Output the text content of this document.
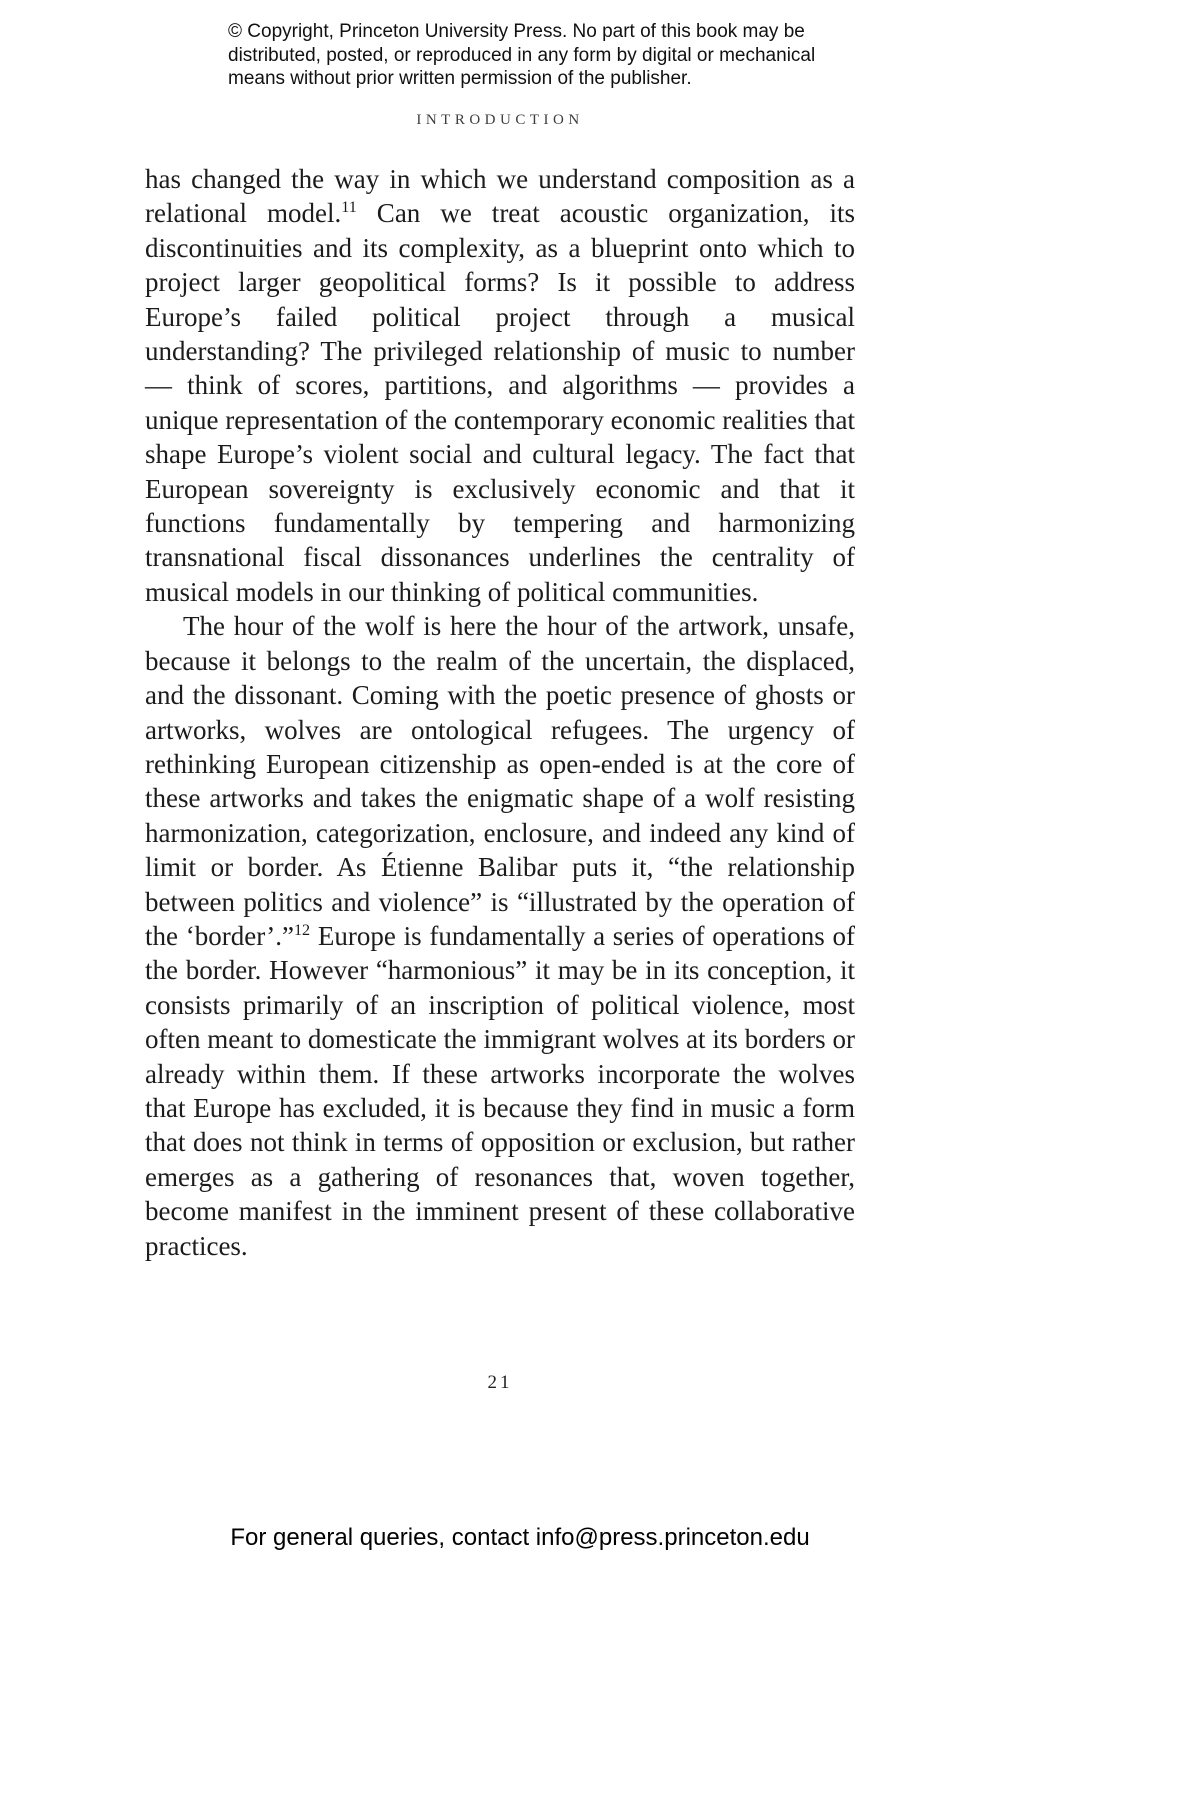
© Copyright, Princeton University Press. No part of this book may be
distributed, posted, or reproduced in any form by digital or mechanical
means without prior written permission of the publisher.
INTRODUCTION

has changed the way in which we understand composition as a relational model.$^{11}$ Can we treat acoustic organization, its discontinuities and its complexity, as a blueprint onto which to project larger geopolitical forms? Is it possible to address Europe’s failed political project through a musical understanding? The privileged relationship of music to number — think of scores, partitions, and algorithms — provides a unique representation of the contemporary economic realities that shape Europe’s violent social and cultural legacy. The fact that European sovereignty is exclusively economic and that it functions fundamentally by tempering and harmonizing transnational fiscal dissonances underlines the centrality of musical models in our thinking of political communities.

The hour of the wolf is here the hour of the artwork, unsafe, because it belongs to the realm of the uncertain, the displaced, and the dissonant. Coming with the poetic presence of ghosts or artworks, wolves are ontological refugees. The urgency of rethinking European citizenship as open-ended is at the core of these artworks and takes the enigmatic shape of a wolf resisting harmonization, categorization, enclosure, and indeed any kind of limit or border. As Étienne Balibar puts it, “the relationship between politics and violence” is “illustrated by the operation of the ‘border’.”$^{12}$ Europe is fundamentally a series of operations of the border. However “harmonious” it may be in its conception, it consists primarily of an inscription of political violence, most often meant to domesticate the immigrant wolves at its borders or already within them. If these artworks incorporate the wolves that Europe has excluded, it is because they find in music a form that does not think in terms of opposition or exclusion, but rather emerges as a gathering of resonances that, woven together, become manifest in the imminent present of these collaborative practices.

21
For general queries, contact info@press.princeton.edu
